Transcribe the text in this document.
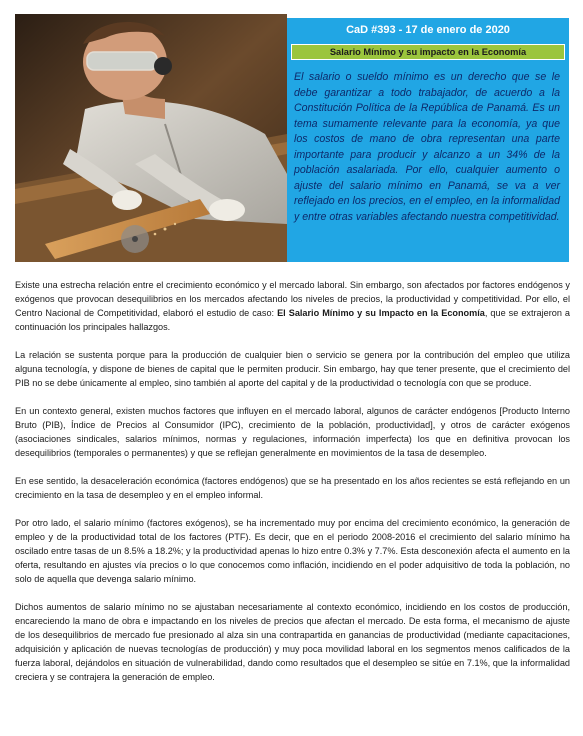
CaD #393 - 17 de enero de 2020
Salario Mínimo y su impacto en la Economía
El salario o sueldo mínimo es un derecho que se le debe garantizar a todo trabajador, de acuerdo a la Constitución Política de la República de Panamá. Es un tema sumamente relevante para la economía, ya que los costos de mano de obra representan una parte importante para producir y alcanzo a un 34% de la población asalariada. Por ello, cualquier aumento o ajuste del salario mínimo en Panamá, se va a ver reflejado en los precios, en el empleo, en la informalidad y entre otras variables afectando nuestra competitividad.

Existe una estrecha relación entre el crecimiento económico y el mercado laboral. Sin embargo, son afectados por factores endógenos y exógenos que provocan desequilibrios en los mercados afectando los niveles de precios, la productividad y competitividad. Por ello, el Centro Nacional de Competitividad, elaboró el estudio de caso: El Salario Mínimo y su Impacto en la Economía, que se extrajeron a continuación los principales hallazgos.

La relación se sustenta porque para la producción de cualquier bien o servicio se genera por la contribución del empleo que utiliza alguna tecnología, y dispone de bienes de capital que le permiten producir. Sin embargo, hay que tener presente, que el crecimiento del PIB no se debe únicamente al empleo, sino también al aporte del capital y de la productividad o tecnología con que se produce.

En un contexto general, existen muchos factores que influyen en el mercado laboral, algunos de carácter endógenos [Producto Interno Bruto (PIB), Índice de Precios al Consumidor (IPC), crecimiento de la población, productividad], y otros de carácter exógenos (asociaciones sindicales, salarios mínimos, normas y regulaciones, información imperfecta) los que en definitiva provocan los desequilibrios (temporales o permanentes) y que se reflejan generalmente en movimientos de la tasa de desempleo.

En ese sentido, la desaceleración económica (factores endógenos) que se ha presentado en los años recientes se está reflejando en un crecimiento en la tasa de desempleo y en el empleo informal.

Por otro lado, el salario mínimo (factores exógenos), se ha incrementado muy por encima del crecimiento económico, la generación de empleo y de la productividad total de los factores (PTF). Es decir, que en el periodo 2008-2016 el crecimiento del salario mínimo ha oscilado entre tasas de un 8.5% a 18.2%; y la productividad apenas lo hizo entre 0.3% y 7.7%. Esta desconexión afecta el aumento en la oferta, resultando en ajustes vía precios o lo que conocemos como inflación, incidiendo en el poder adquisitivo de toda la población, no solo de aquella que devenga salario mínimo.

Dichos aumentos de salario mínimo no se ajustaban necesariamente al contexto económico, incidiendo en los costos de producción, encareciendo la mano de obra e impactando en los niveles de precios que afectan el mercado. De esta forma, el mecanismo de ajuste de los desequilibrios de mercado fue presionado al alza sin una contrapartida en ganancias de productividad (mediante capacitaciones, adquisición y aplicación de nuevas tecnologías de producción) y muy poca movilidad laboral en los segmentos menos calificados de la fuerza laboral, dejándolos en situación de vulnerabilidad, dando como resultados que el desempleo se sitúe en 7.1%, que la informalidad creciera y se contrajera la generación de empleo.
